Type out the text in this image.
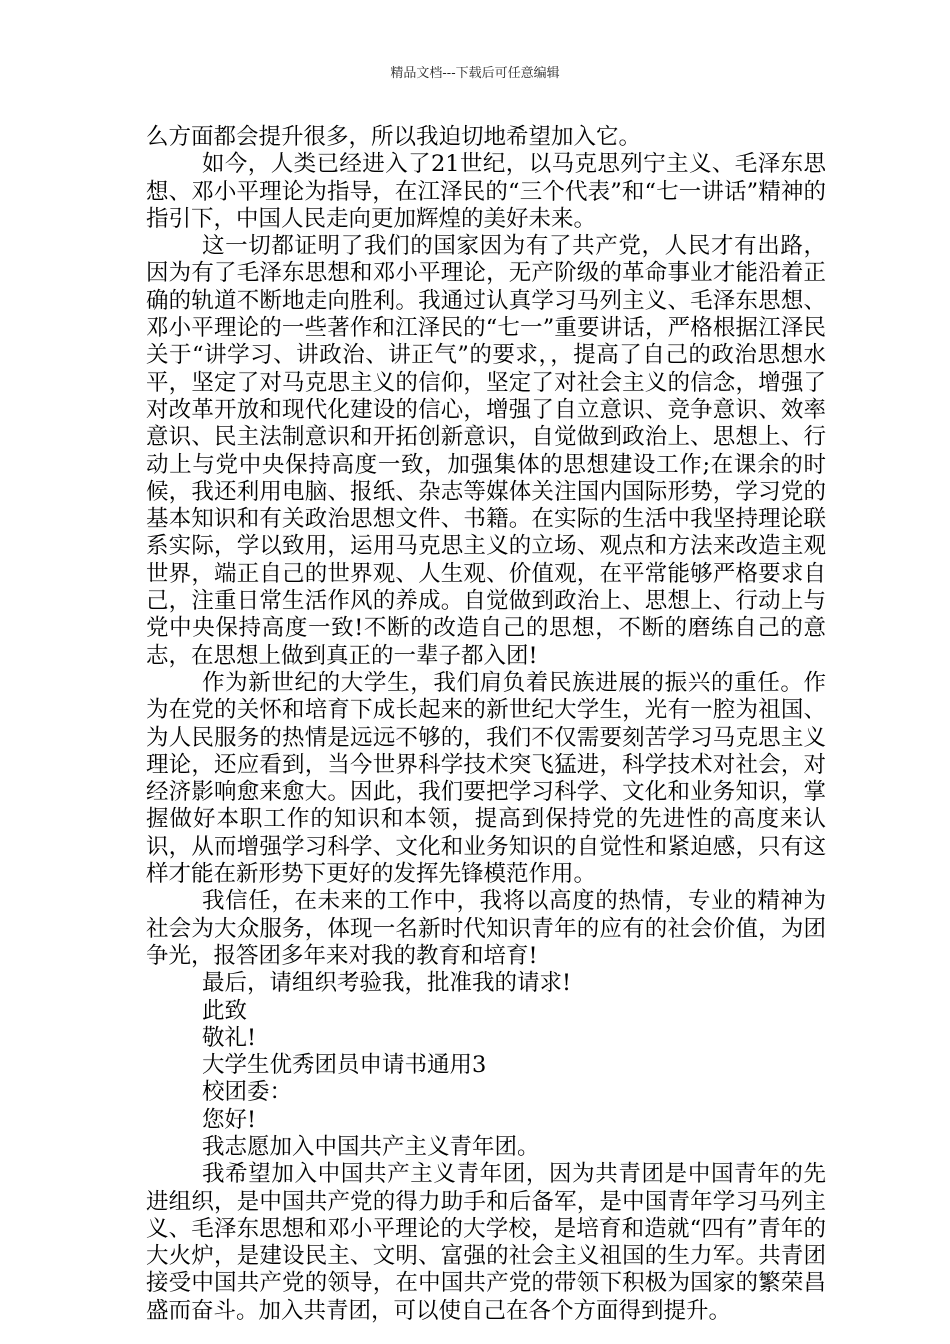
精品文档---下载后可任意编辑

么方面都会提升很多，所以我迫切地希望加入它。

如今，人类已经进入了21世纪，以马克思列宁主义、毛泽东思想、邓小平理论为指导，在江泽民的“三个代表”和“七一讲话”精神的指引下，中国人民走向更加辉煌的美好未来。

这一切都证明了我们的国家因为有了共产党，人民才有出路，因为有了毛泽东思想和邓小平理论，无产阶级的革命事业才能沿着正确的轨道不断地走向胜利。我通过认真学习马列主义、毛泽东思想、邓小平理论的一些著作和江泽民的“七一”重要讲话，严格根据江泽民关于“讲学习、讲政治、讲正气”的要求，，提高了自己的政治思想水平，坚定了对马克思主义的信仰，坚定了对社会主义的信念，增强了对改革开放和现代化建设的信心，增强了自立意识、竞争意识、效率意识、民主法制意识和开拓创新意识，自觉做到政治上、思想上、行动上与党中央保持高度一致，加强集体的思想建设工作;在课余的时候，我还利用电脑、报纸、杂志等媒体关注国内国际形势，学习党的基本知识和有关政治思想文件、书籍。在实际的生活中我坚持理论联系实际，学以致用，运用马克思主义的立场、观点和方法来改造主观世界，端正自己的世界观、人生观、价值观，在平常能够严格要求自己，注重日常生活作风的养成。自觉做到政治上、思想上、行动上与党中央保持高度一致!不断的改造自己的思想，不断的磨练自己的意志，在思想上做到真正的一辈子都入团!

作为新世纪的大学生，我们肩负着民族进展的振兴的重任。作为在党的关怀和培育下成长起来的新世纪大学生，光有一腔为祖国、为人民服务的热情是远远不够的，我们不仅需要刻苦学习马克思主义理论，还应看到，当今世界科学技术突飞猛进，科学技术对社会，对经济影响愈来愈大。因此，我们要把学习科学、文化和业务知识，掌握做好本职工作的知识和本领，提高到保持党的先进性的高度来认识，从而增强学习科学、文化和业务知识的自觉性和紧迫感，只有这样才能在新形势下更好的发挥先锋模范作用。

我信任，在未来的工作中，我将以高度的热情，专业的精神为社会为大众服务，体现一名新时代知识青年的应有的社会价值，为团争光，报答团多年来对我的教育和培育!

最后，请组织考验我，批准我的请求!

此致

敬礼!

大学生优秀团员申请书通用3

校团委：

您好!

我志愿加入中国共产主义青年团。

我希望加入中国共产主义青年团，因为共青团是中国青年的先进组织，是中国共产党的得力助手和后备军，是中国青年学习马列主义、毛泽东思想和邓小平理论的大学校，是培育和造就“四有”青年的大火炉，是建设民主、文明、富强的社会主义祖国的生力军。共青团接受中国共产党的领导，在中国共产党的带领下积极为国家的繁荣昌盛而奋斗。加入共青团，可以使自己在各个方面得到提升。
